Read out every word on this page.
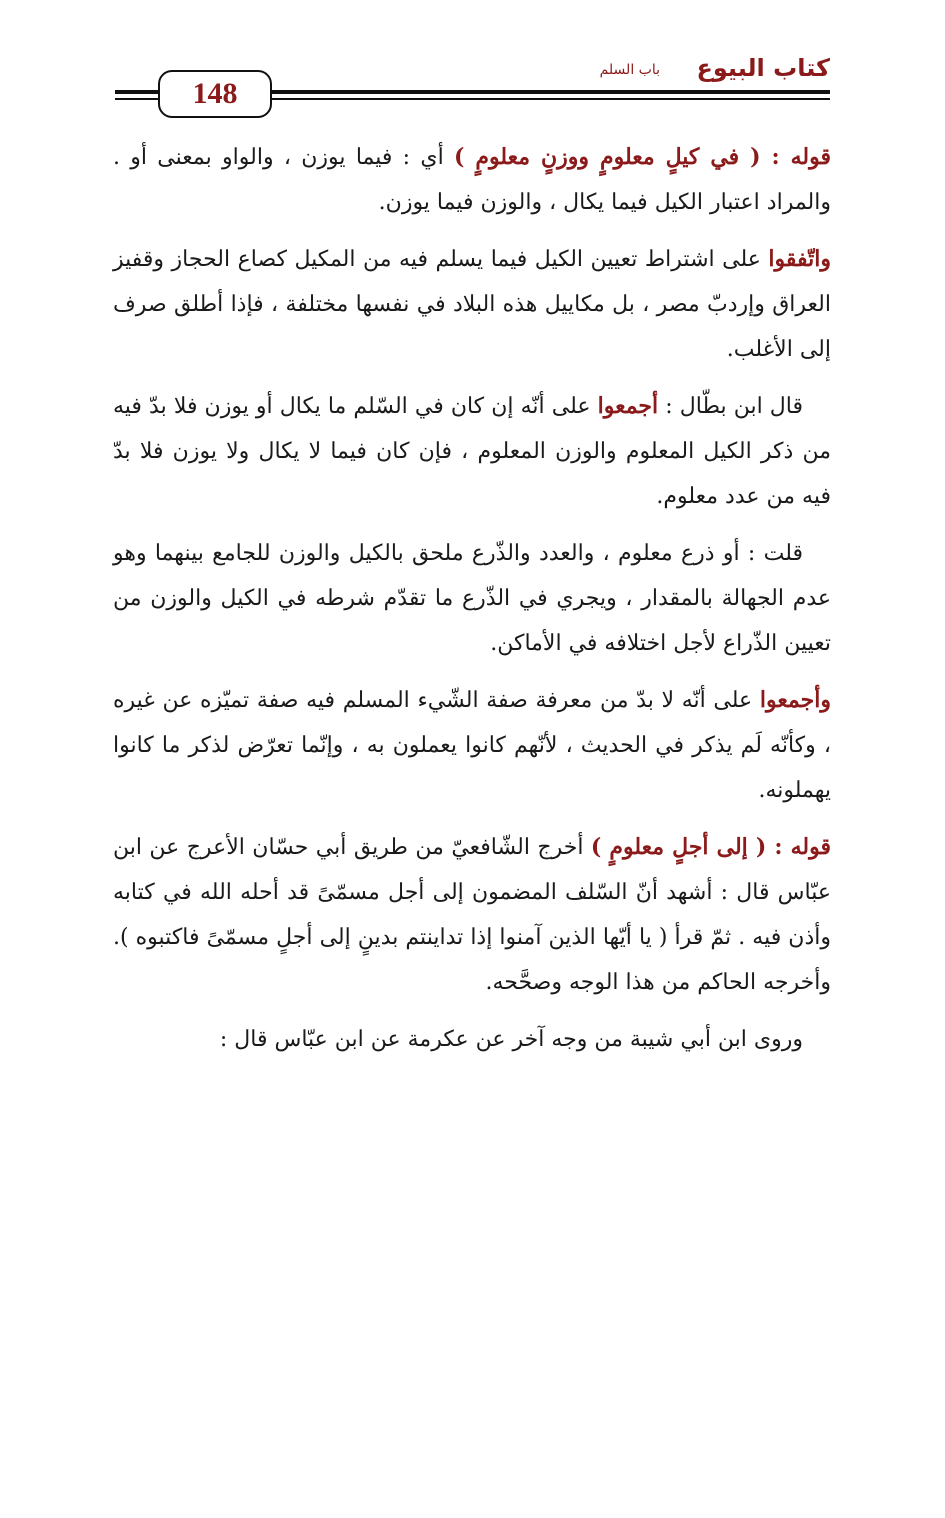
148
كتاب البيوع
باب السلم

قوله : ( في كيلٍ معلومٍ ووزنٍ معلومٍ ) أي : فيما يوزن ، والواو بمعنى أو . والمراد اعتبار الكيل فيما يكال ، والوزن فيما يوزن.

واتّفقوا على اشتراط تعيين الكيل فيما يسلم فيه من المكيل كصاع الحجاز وقفيز العراق وإردبّ مصر ، بل مكاييل هذه البلاد في نفسها مختلفة ، فإذا أطلق صرف إلى الأغلب.

قال ابن بطّال : أجمعوا على أنّه إن كان في السّلم ما يكال أو يوزن فلا بدّ فيه من ذكر الكيل المعلوم والوزن المعلوم ، فإن كان فيما لا يكال ولا يوزن فلا بدّ فيه من عدد معلوم.

قلت : أو ذرع معلوم ، والعدد والذّرع ملحق بالكيل والوزن للجامع بينهما وهو عدم الجهالة بالمقدار ، ويجري في الذّرع ما تقدّم شرطه في الكيل والوزن من تعيين الذّراع لأجل اختلافه في الأماكن.

وأجمعوا على أنّه لا بدّ من معرفة صفة الشّيء المسلم فيه صفة تميّزه عن غيره ، وكأنّه لَم يذكر في الحديث ، لأنّهم كانوا يعملون به ، وإنّما تعرّض لذكر ما كانوا يهملونه.

قوله : ( إلى أجلٍ معلومٍ ) أخرج الشّافعيّ من طريق أبي حسّان الأعرج عن ابن عبّاس قال : أشهد أنّ السّلف المضمون إلى أجل مسمّىً قد أحله الله في كتابه وأذن فيه . ثمّ قرأ ( يا أيّها الذين آمنوا إذا تداينتم بدينٍ إلى أجلٍ مسمّىً فاكتبوه ). وأخرجه الحاكم من هذا الوجه وصحَّحه.

وروى ابن أبي شيبة من وجه آخر عن عكرمة عن ابن عبّاس قال :
